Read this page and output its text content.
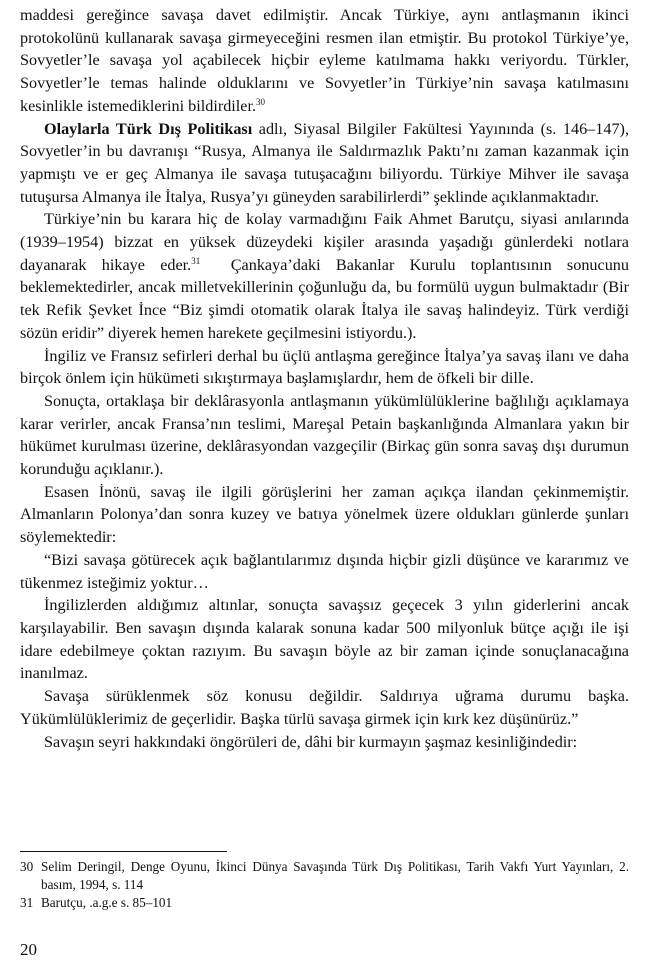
maddesi gereğince savaşa davet edilmiştir. Ancak Türkiye, aynı antlaşmanın ikinci protokolünü kullanarak savaşa girmeyeceğini resmen ilan etmiştir. Bu protokol Türkiye’ye, Sovyetler’le savaşa yol açabilecek hiçbir eyleme katılmama hakkı veriyordu. Türkler, Sovyetler’le temas halinde olduklarını ve Sovyetler’in Türkiye’nin savaşa katılmasını kesinlikle istemediklerini bildirdiler.$^{30}$

Olaylarla Türk Dış Politikası adlı, Siyasal Bilgiler Fakültesi Yayınında (s. 146–147), Sovyetler’in bu davranışı “Rusya, Almanya ile Saldırmazlık Paktı’nı zaman kazanmak için yapmıştı ve er geç Almanya ile savaşa tutuşacağını biliyordu. Türkiye Mihver ile savaşa tutuşursa Almanya ile İtalya, Rusya’yı güneyden sarabilirlerdi” şeklinde açıklanmaktadır.

Türkiye’nin bu karara hiç de kolay varmadığını Faik Ahmet Barutçu, siyasi anılarında (1939–1954) bizzat en yüksek düzeydeki kişiler arasında yaşadığı günlerdeki notlara dayanarak hikaye eder.$^{31}$  Çankaya’daki Bakanlar Kurulu toplantısının sonucunu beklemektedirler, ancak milletvekillerinin çoğunluğu da, bu formülü uygun bulmaktadır (Bir tek Refik Şevket İnce “Biz şimdi otomatik olarak İtalya ile savaş halindeyiz. Türk verdiği sözün eridir” diyerek hemen harekete geçilmesini istiyordu.).

İngiliz ve Fransız sefirleri derhal bu üçlü antlaşma gereğince İtalya’ya savaş ilanı ve daha birçok önlem için hükümeti sıkıştırmaya başlamışlardır, hem de öfkeli bir dille.

Sonuçta, ortaklaşa bir deklârasyonla antlaşmanın yükümlülüklerine bağlılığı açıklamaya karar verirler, ancak Fransa’nın teslimi, Mareşal Petain başkanlığında Almanlara yakın bir hükümet kurulması üzerine, deklârasyondan vazgeçilir (Birkaç gün sonra savaş dışı durumun korunduğu açıklanır.).

Esasen İnönü, savaş ile ilgili görüşlerini her zaman açıkça ilandan çekinmemiştir. Almanların Polonya’dan sonra kuzey ve batıya yönelmek üzere oldukları günlerde şunları söylemektedir:

“Bizi savaşa götürecek açık bağlantılarımız dışında hiçbir gizli düşünce ve kararımız ve tükenmez isteğimiz yoktur…

İngilizlerden aldığımız altınlar, sonuçta savaşsız geçecek 3 yılın giderlerini ancak karşılayabilir. Ben savaşın dışında kalarak sonuna kadar 500 milyonluk bütçe açığı ile işi idare edebilmeye çoktan razıyım. Bu savaşın böyle az bir zaman içinde sonuçlanacağına inanılmaz.

Savaşa sürüklenmek söz konusu değildir. Saldırıya uğrama durumu başka. Yükümlülüklerimiz de geçerlidir. Başka türlü savaşa girmek için kırk kez düşünürüz.”

Savaşın seyri hakkındaki öngörüleri de, dâhi bir kurmayın şaşmaz kesinliğindedir:

30 Selim Deringil, Denge Oyunu, İkinci Dünya Savaşında Türk Dış Politikası, Tarih Vakfı Yurt Yayınları, 2. basım, 1994, s. 114
31 Barutçu, .a.g.e s. 85–101
20
